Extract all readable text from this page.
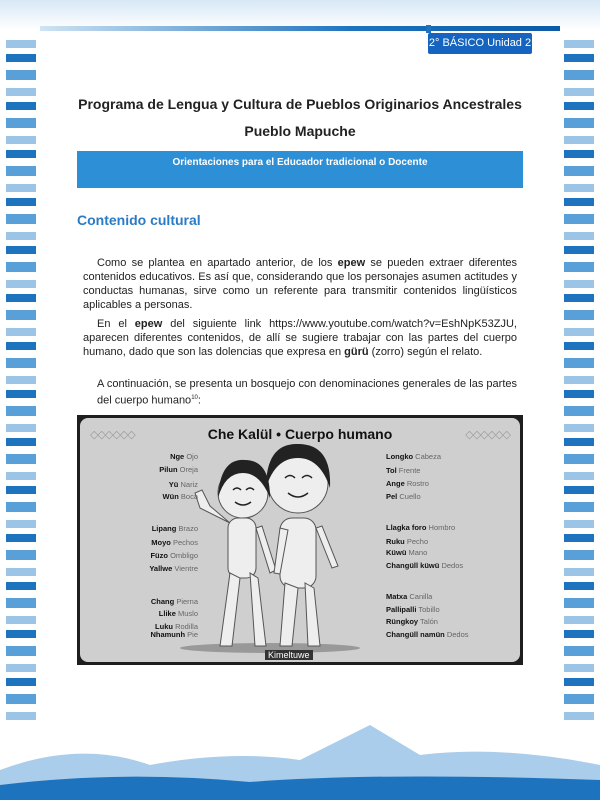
2° BÁSICO Unidad 2
Programa de Lengua y Cultura de Pueblos Originarios Ancestrales
Pueblo Mapuche
Orientaciones para el Educador tradicional o Docente
Contenido cultural
Como se plantea en apartado anterior, de los epew se pueden extraer diferentes contenidos educativos. Es así que, considerando que los personajes asumen actitudes y conductas humanas, sirve como un referente para transmitir contenidos lingüísticos aplicables a personas.
En el epew del siguiente link https://www.youtube.com/watch?v=EshNpK53ZJU, aparecen diferentes contenidos, de allí se sugiere trabajar con las partes del cuerpo humano, dado que son las dolencias que expresa en gürü (zorro) según el relato.
A continuación, se presenta un bosquejo con denominaciones generales de las partes del cuerpo humano$^{10}$:
◇◇◇◇◇◇	◇◇◇◇◇◇
Che Kalül • Cuerpo humano
Nge Ojo
Pilun Oreja
Yü Nariz
Wün Boca
Lipang Brazo
Moyo Pechos
Füzo Ombligo
Yallwe Vientre
Chang Pierna
Llike Muslo
Luku Rodilla
Nhamunh Pie
Longko Cabeza
Tol Frente
Ange Rostro
Pel Cuello
Llagka foro Hombro
Ruku Pecho
Küwü Mano
Changüll küwü Dedos
Matxa Canilla
Pallipalli Tobillo
Rüngkoy Talón
Changüll namün Dedos
Kimeltuwe
